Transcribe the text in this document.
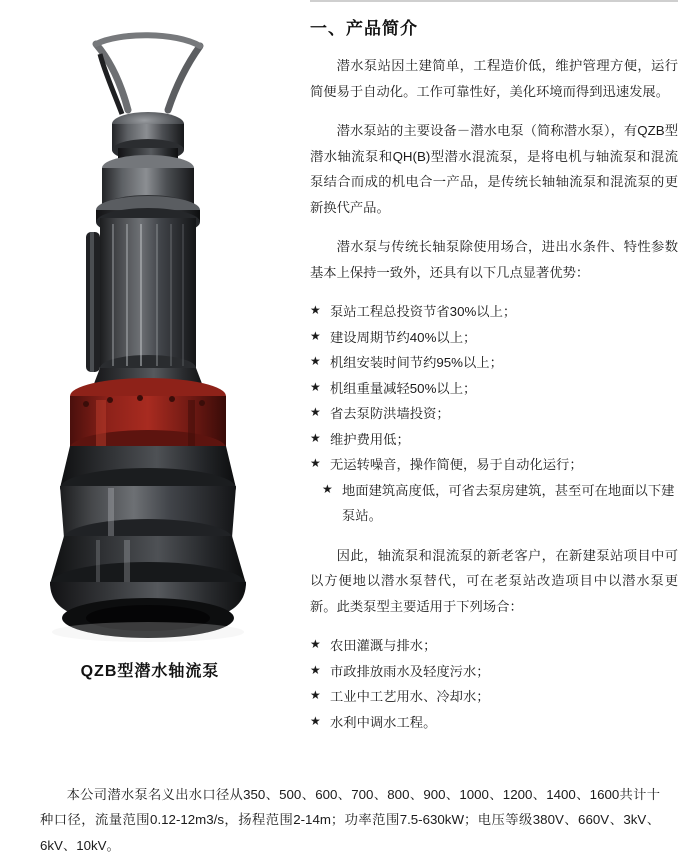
QZB型潜水轴流泵
一、产品简介

潜水泵站因土建简单，工程造价低，维护管理方便，运行简便易于自动化。工作可靠性好，美化环境而得到迅速发展。

潜水泵站的主要设备－潜水电泵（简称潜水泵），有QZB型潜水轴流泵和QH(B)型潜水混流泵，是将电机与轴流泵和混流泵结合而成的机电合一产品，是传统长轴轴流泵和混流泵的更新换代产品。

潜水泵与传统长轴泵除使用场合，进出水条件、特性参数基本上保持一致外，还具有以下几点显著优势：

★ 泵站工程总投资节省30%以上；
★ 建设周期节约40%以上；
★ 机组安装时间节约95%以上；
★ 机组重量减轻50%以上；
★ 省去泵防洪墙投资；
★ 维护费用低；
★ 无运转噪音，操作简便，易于自动化运行；
★ 地面建筑高度低，可省去泵房建筑，甚至可在地面以下建泵站。

因此，轴流泵和混流泵的新老客户，在新建泵站项目中可以方便地以潜水泵替代，可在老泵站改造项目中以潜水泵更新。此类泵型主要适用于下列场合：

★ 农田灌溉与排水；
★ 市政排放雨水及轻度污水；
★ 工业中工艺用水、冷却水；
★ 水利中调水工程。
本公司潜水泵名义出水口径从350、500、600、700、800、900、1000、1200、1400、1600共计十种口径，流量范围0.12-12m3/s，扬程范围2-14m；功率范围7.5-630kW；电压等级380V、660V、3kV、6kV、10kV。
